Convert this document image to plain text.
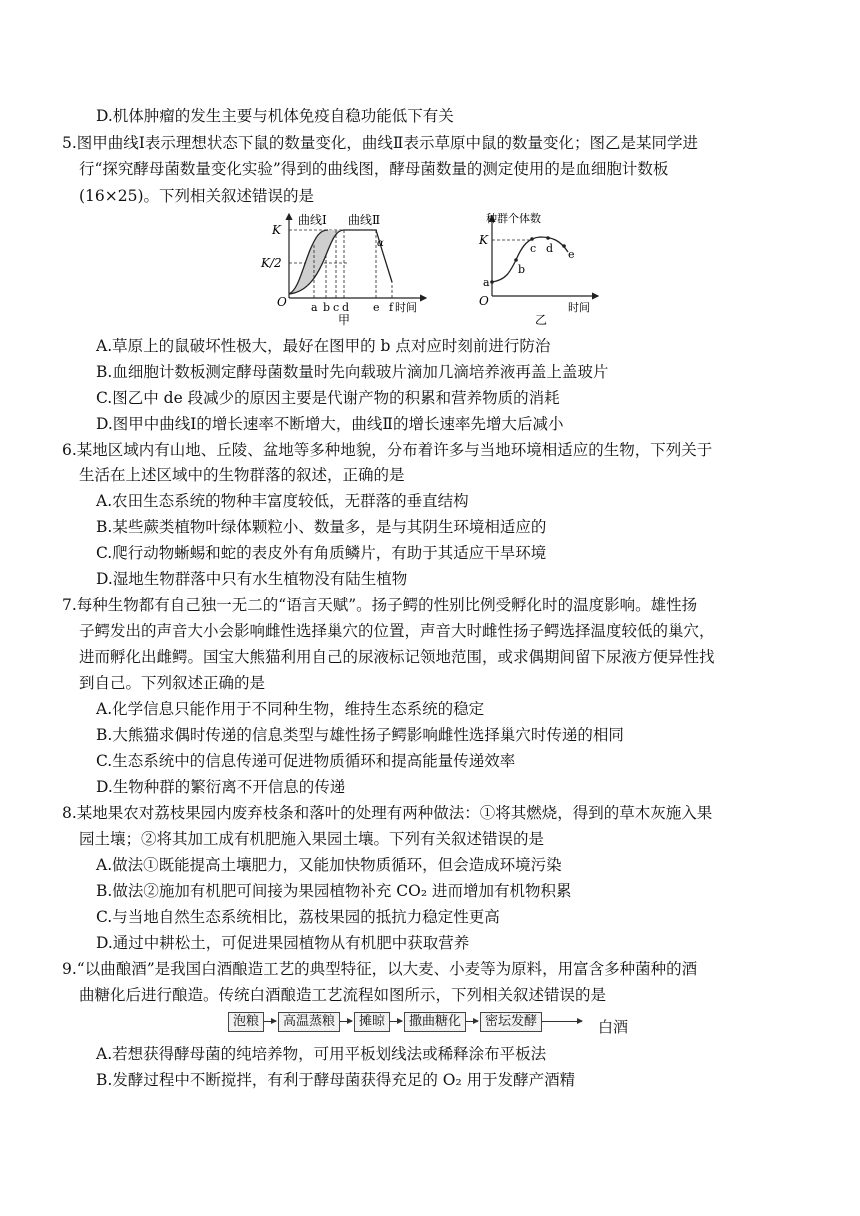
D.机体肿瘤的发生主要与机体免疫自稳功能低下有关
5.图甲曲线Ⅰ表示理想状态下鼠的数量变化，曲线Ⅱ表示草原中鼠的数量变化；图乙是某同学进
行“探究酵母菌数量变化实验”得到的曲线图，酵母菌数量的测定使用的是血细胞计数板
(16×25)。下列相关叙述错误的是
K
K/2
O
曲线Ⅰ 曲线Ⅱ
α
a b c d e f 时间
甲
种群个体数
K
O
a
b
c d e
时间
乙
A.草原上的鼠破坏性极大，最好在图甲的 b 点对应时刻前进行防治
B.血细胞计数板测定酵母菌数量时先向载玻片滴加几滴培养液再盖上盖玻片
C.图乙中 de 段减少的原因主要是代谢产物的积累和营养物质的消耗
D.图甲中曲线Ⅰ的增长速率不断增大，曲线Ⅱ的增长速率先增大后减小
6.某地区域内有山地、丘陵、盆地等多种地貌，分布着许多与当地环境相适应的生物，下列关于
生活在上述区域中的生物群落的叙述，正确的是
A.农田生态系统的物种丰富度较低，无群落的垂直结构
B.某些蕨类植物叶绿体颗粒小、数量多，是与其阴生环境相适应的
C.爬行动物蜥蜴和蛇的表皮外有角质鳞片，有助于其适应干旱环境
D.湿地生物群落中只有水生植物没有陆生植物
7.每种生物都有自己独一无二的“语言天赋”。扬子鳄的性别比例受孵化时的温度影响。雄性扬
子鳄发出的声音大小会影响雌性选择巢穴的位置，声音大时雌性扬子鳄选择温度较低的巢穴，
进而孵化出雌鳄。国宝大熊猫利用自己的尿液标记领地范围，或求偶期间留下尿液方便异性找
到自己。下列叙述正确的是
A.化学信息只能作用于不同种生物，维持生态系统的稳定
B.大熊猫求偶时传递的信息类型与雄性扬子鳄影响雌性选择巢穴时传递的相同
C.生态系统中的信息传递可促进物质循环和提高能量传递效率
D.生物种群的繁衍离不开信息的传递
8.某地果农对荔枝果园内废弃枝条和落叶的处理有两种做法：①将其燃烧，得到的草木灰施入果
园土壤；②将其加工成有机肥施入果园土壤。下列有关叙述错误的是
A.做法①既能提高土壤肥力，又能加快物质循环，但会造成环境污染
B.做法②施加有机肥可间接为果园植物补充 CO₂ 进而增加有机物积累
C.与当地自然生态系统相比，荔枝果园的抵抗力稳定性更高
D.通过中耕松土，可促进果园植物从有机肥中获取营养
9.“以曲酿酒”是我国白酒酿造工艺的典型特征，以大麦、小麦等为原料，用富含多种菌种的酒
曲糖化后进行酿造。传统白酒酿造工艺流程如图所示，下列相关叙述错误的是
泡粮	高温蒸粮	摊晾	撒曲糖化	密坛发酵	白酒
A.若想获得酵母菌的纯培养物，可用平板划线法或稀释涂布平板法
B.发酵过程中不断搅拌，有利于酵母菌获得充足的 O₂ 用于发酵产酒精
